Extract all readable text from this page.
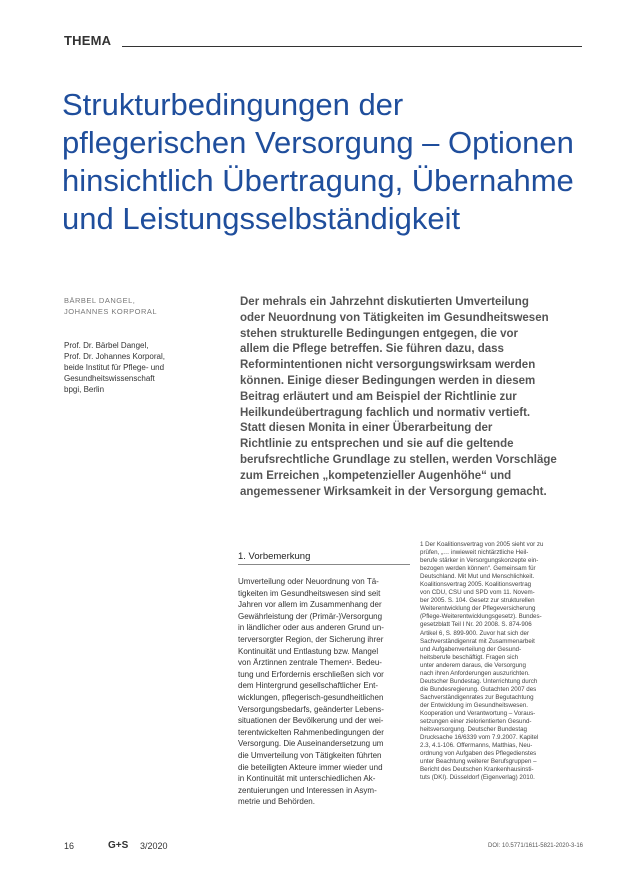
THEMA
Strukturbedingungen der
pflegerischen Versorgung – Optionen
hinsichtlich Übertragung, Übernahme
und Leistungsselbständigkeit
BÄRBEL DANGEL,
JOHANNES KORPORAL
Prof. Dr. Bärbel Dangel,
Prof. Dr. Johannes Korporal,
beide Institut für Pflege- und
Gesundheitswissenschaft
bpgi, Berlin
Der mehrals ein Jahrzehnt diskutierten Umverteilung
oder Neuordnung von Tätigkeiten im Gesundheitswesen
stehen strukturelle Bedingungen entgegen, die vor
allem die Pflege betreffen. Sie führen dazu, dass
Reformintentionen nicht versorgungswirksam werden
können. Einige dieser Bedingungen werden in diesem
Beitrag erläutert und am Beispiel der Richtlinie zur
Heilkundeübertragung fachlich und normativ vertieft.
Statt diesen Monita in einer Überarbeitung der
Richtlinie zu entsprechen und sie auf die geltende
berufsrechtliche Grundlage zu stellen, werden Vorschläge
zum Erreichen „kompetenzieller Augenhöhe“ und
angemessener Wirksamkeit in der Versorgung gemacht.
1. Vorbemerkung
Umverteilung oder Neuordnung von Tä-
tigkeiten im Gesundheitswesen sind seit
Jahren vor allem im Zusammenhang der
Gewährleistung der (Primär-)Versorgung
in ländlicher oder aus anderen Grund un-
terversorgter Region, der Sicherung ihrer
Kontinuität und Entlastung bzw. Mangel
von Ärztinnen zentrale Themen¹. Bedeu-
tung und Erfordernis erschließen sich vor
dem Hintergrund gesellschaftlicher Ent-
wicklungen, pflegerisch-gesundheitlichen
Versorgungsbedarfs, geänderter Lebens-
situationen der Bevölkerung und der wei-
terentwickelten Rahmenbedingungen der
Versorgung. Die Auseinandersetzung um
die Umverteilung von Tätigkeiten führten
die beteiligten Akteure immer wieder und
in Kontinuität mit unterschiedlichen Ak-
zentuierungen und Interessen in Asym-
metrie und Behörden.
1 Der Koalitionsvertrag von 2005 sieht vor zu
prüfen, „… inwieweit nichtärztliche Heil-
berufe stärker in Versorgungskonzepte ein-
bezogen werden können“. Gemeinsam für
Deutschland. Mit Mut und Menschlichkeit.
Koalitionsvertrag 2005. Koalitionsvertrag
von CDU, CSU und SPD vom 11. Novem-
ber 2005. S. 104. Gesetz zur strukturellen
Weiterentwicklung der Pflegeversicherung
(Pflege-Weiterentwicklungsgesetz). Bundes-
gesetzblatt Teil I Nr. 20 2008. S. 874-906
Artikel 6, S. 899-900. Zuvor hat sich der
Sachverständigenrat mit Zusammenarbeit
und Aufgabenverteilung der Gesund-
heitsberufe beschäftigt. Fragen sich
unter anderem daraus, die Versorgung
nach ihren Anforderungen auszurichten.
Deutscher Bundestag. Unterrichtung durch
die Bundesregierung. Gutachten 2007 des
Sachverständigenrates zur Begutachtung
der Entwicklung im Gesundheitswesen.
Kooperation und Verantwortung – Voraus-
setzungen einer zielorientierten Gesund-
heitsversorgung. Deutscher Bundestag
Drucksache 16/6339 vom 7.9.2007. Kapitel
2.3, 4.1-106. Offermanns, Matthias, Neu-
ordnung von Aufgaben des Pflegedienstes
unter Beachtung weiterer Berufsgruppen –
Bericht des Deutschen Krankenhausinsti-
tuts (DKI). Düsseldorf (Eigenverlag) 2010.
16	G+S 3/2020	DOI: 10.5771/1611-5821-2020-3-16
